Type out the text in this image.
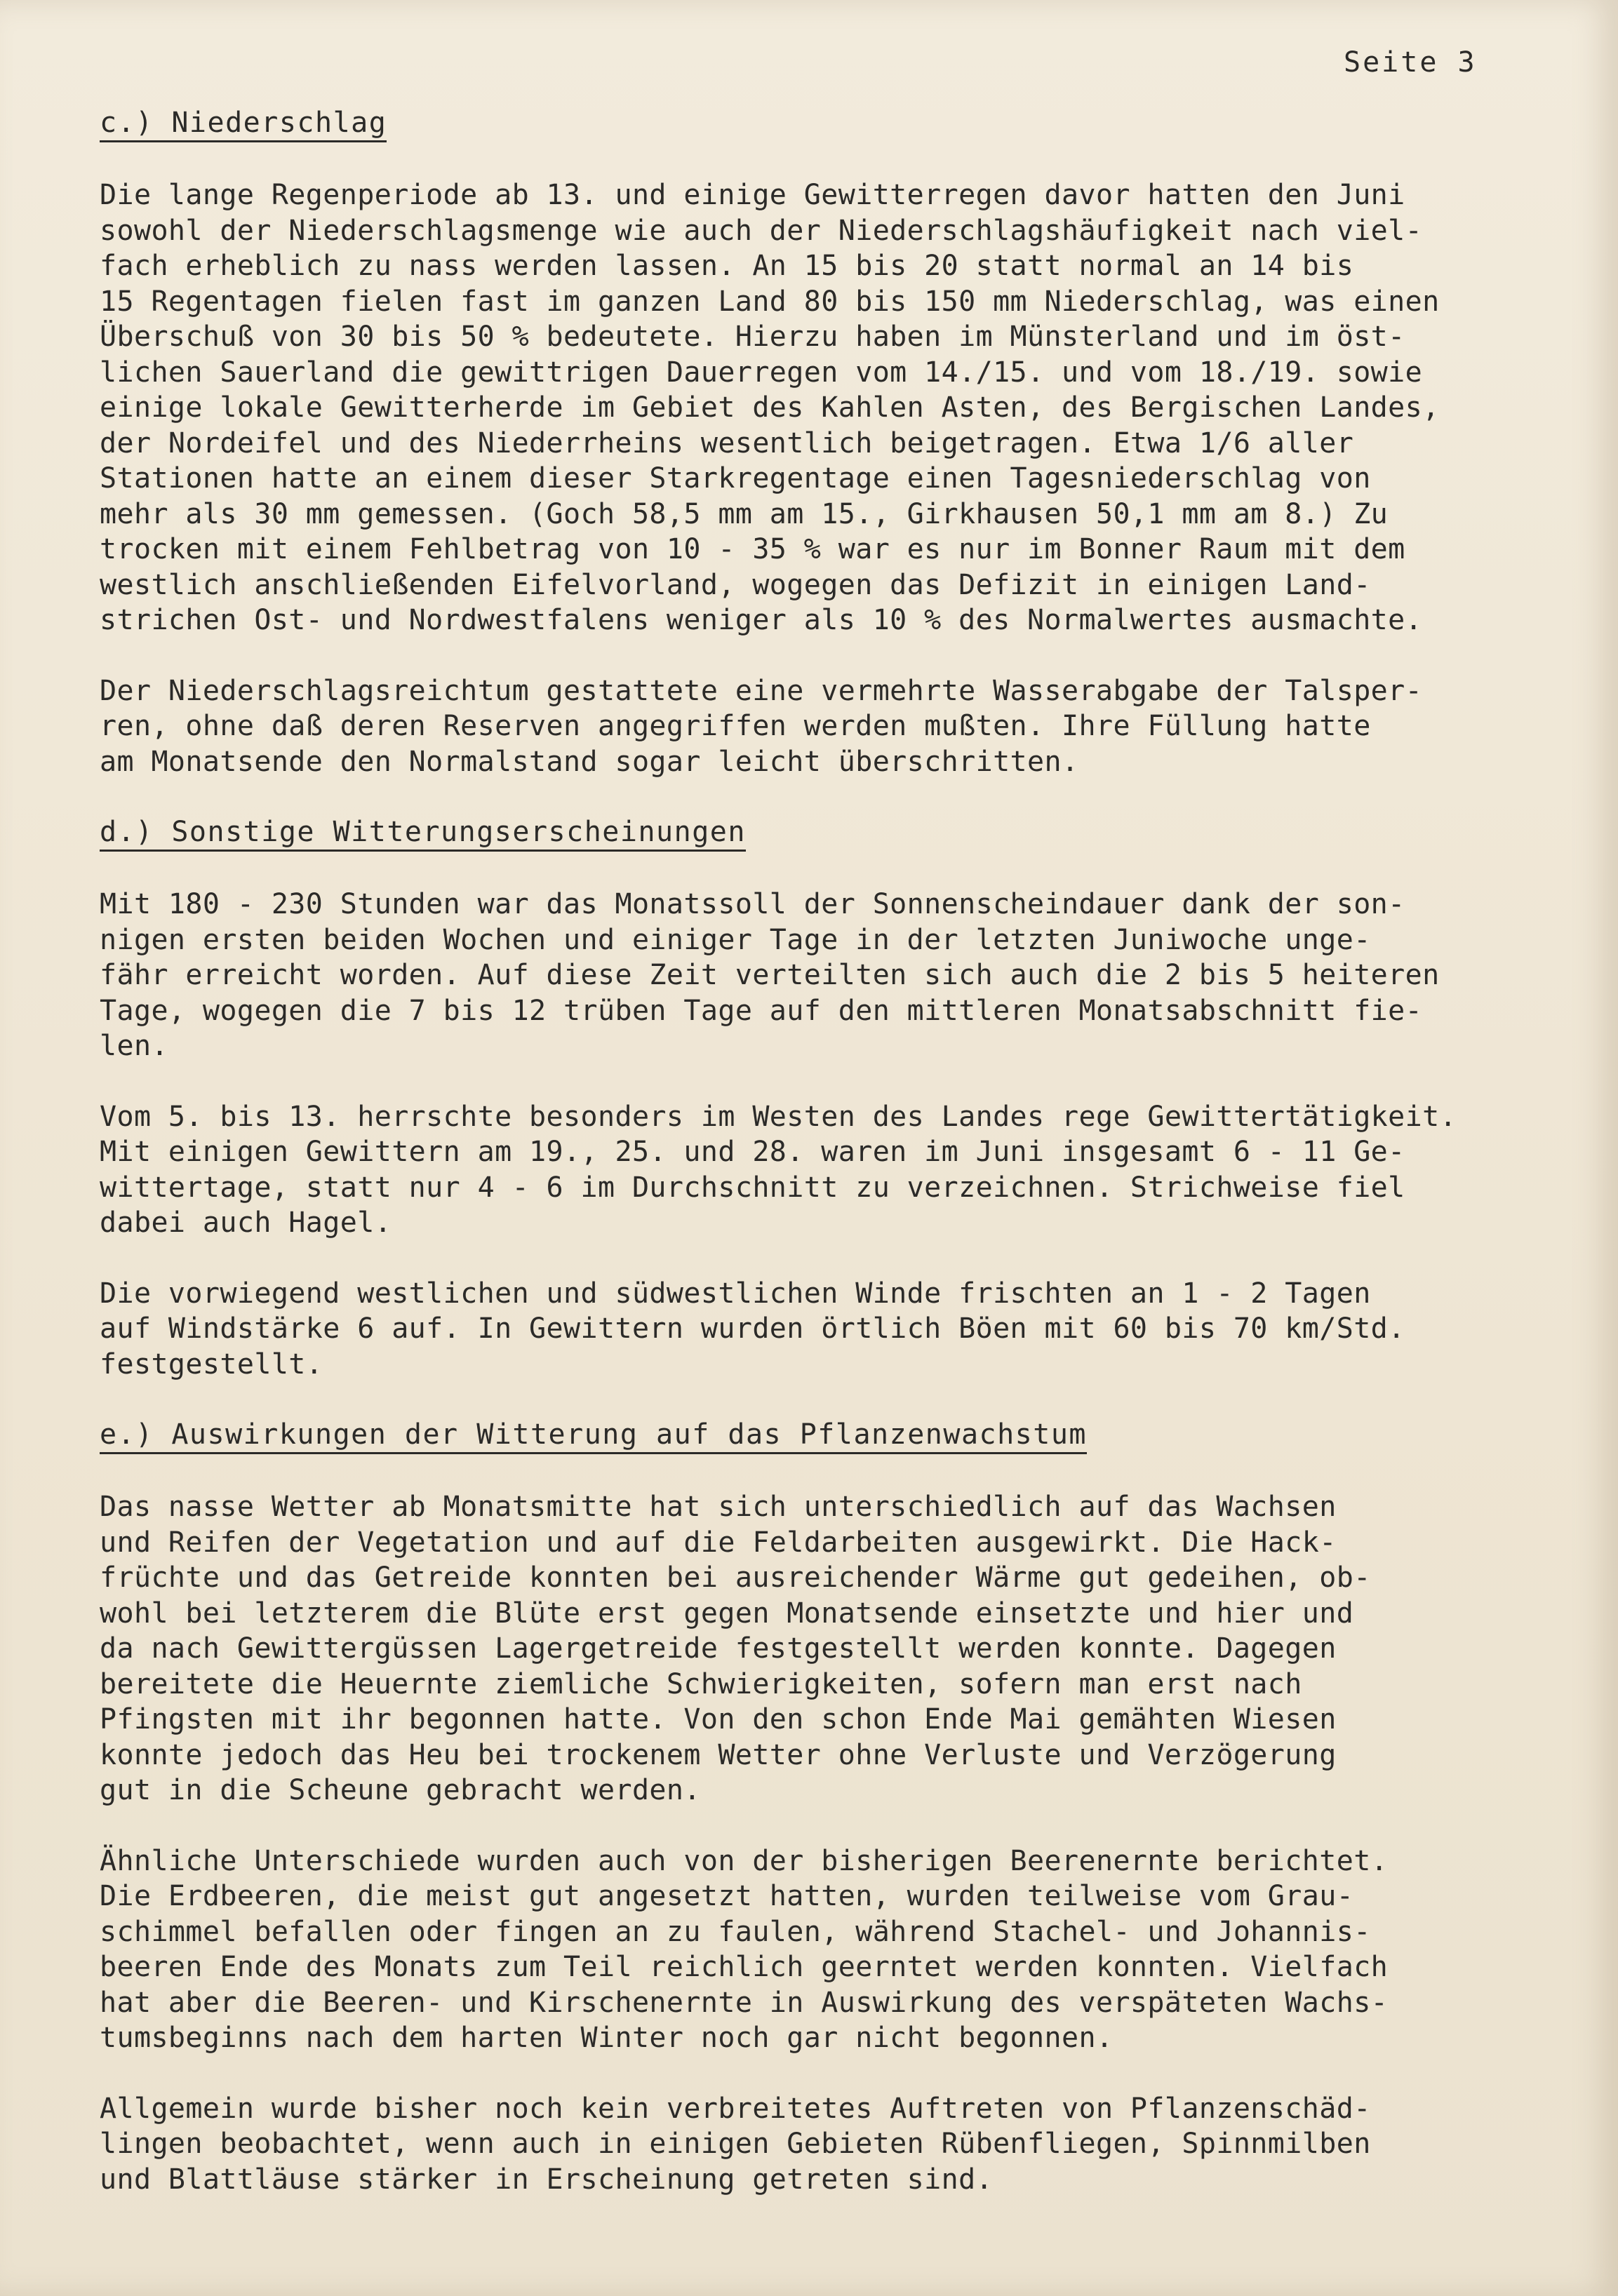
Seite 3
c.) Niederschlag
Die lange Regenperiode ab 13. und einige Gewitterregen davor hatten den Juni
sowohl der Niederschlagsmenge wie auch der Niederschlagshäufigkeit nach viel-
fach erheblich zu nass werden lassen. An 15 bis 20 statt normal an 14 bis
15 Regentagen fielen fast im ganzen Land 80 bis 150 mm Niederschlag, was einen
Überschuß von 30 bis 50 % bedeutete. Hierzu haben im Münsterland und im öst-
lichen Sauerland die gewittrigen Dauerregen vom 14./15. und vom 18./19. sowie
einige lokale Gewitterherde im Gebiet des Kahlen Asten, des Bergischen Landes,
der Nordeifel und des Niederrheins wesentlich beigetragen. Etwa 1/6 aller
Stationen hatte an einem dieser Starkregentage einen Tagesniederschlag von
mehr als 30 mm gemessen. (Goch 58,5 mm am 15., Girkhausen 50,1 mm am 8.) Zu
trocken mit einem Fehlbetrag von 10 - 35 % war es nur im Bonner Raum mit dem
westlich anschließenden Eifelvorland, wogegen das Defizit in einigen Land-
strichen Ost- und Nordwestfalens weniger als 10 % des Normalwertes ausmachte.
Der Niederschlagsreichtum gestattete eine vermehrte Wasserabgabe der Talsper-
ren, ohne daß deren Reserven angegriffen werden mußten. Ihre Füllung hatte
am Monatsende den Normalstand sogar leicht überschritten.
d.) Sonstige Witterungserscheinungen
Mit 180 - 230 Stunden war das Monatssoll der Sonnenscheindauer dank der son-
nigen ersten beiden Wochen und einiger Tage in der letzten Juniwoche unge-
fähr erreicht worden. Auf diese Zeit verteilten sich auch die 2 bis 5 heiteren
Tage, wogegen die 7 bis 12 trüben Tage auf den mittleren Monatsabschnitt fie-
len.
Vom 5. bis 13. herrschte besonders im Westen des Landes rege Gewittertätigkeit.
Mit einigen Gewittern am 19., 25. und 28. waren im Juni insgesamt 6 - 11 Ge-
wittertage, statt nur 4 - 6 im Durchschnitt zu verzeichnen. Strichweise fiel
dabei auch Hagel.
Die vorwiegend westlichen und südwestlichen Winde frischten an 1 - 2 Tagen
auf Windstärke 6 auf. In Gewittern wurden örtlich Böen mit 60 bis 70 km/Std.
festgestellt.
e.) Auswirkungen der Witterung auf das Pflanzenwachstum
Das nasse Wetter ab Monatsmitte hat sich unterschiedlich auf das Wachsen
und Reifen der Vegetation und auf die Feldarbeiten ausgewirkt. Die Hack-
früchte und das Getreide konnten bei ausreichender Wärme gut gedeihen, ob-
wohl bei letzterem die Blüte erst gegen Monatsende einsetzte und hier und
da nach Gewittergüssen Lagergetreide festgestellt werden konnte. Dagegen
bereitete die Heuernte ziemliche Schwierigkeiten, sofern man erst nach
Pfingsten mit ihr begonnen hatte. Von den schon Ende Mai gemähten Wiesen
konnte jedoch das Heu bei trockenem Wetter ohne Verluste und Verzögerung
gut in die Scheune gebracht werden.
Ähnliche Unterschiede wurden auch von der bisherigen Beerenernte berichtet.
Die Erdbeeren, die meist gut angesetzt hatten, wurden teilweise vom Grau-
schimmel befallen oder fingen an zu faulen, während Stachel- und Johannis-
beeren Ende des Monats zum Teil reichlich geerntet werden konnten. Vielfach
hat aber die Beeren- und Kirschenernte in Auswirkung des verspäteten Wachs-
tumsbeginns nach dem harten Winter noch gar nicht begonnen.
Allgemein wurde bisher noch kein verbreitetes Auftreten von Pflanzenschäd-
lingen beobachtet, wenn auch in einigen Gebieten Rübenfliegen, Spinnmilben
und Blattläuse stärker in Erscheinung getreten sind.
